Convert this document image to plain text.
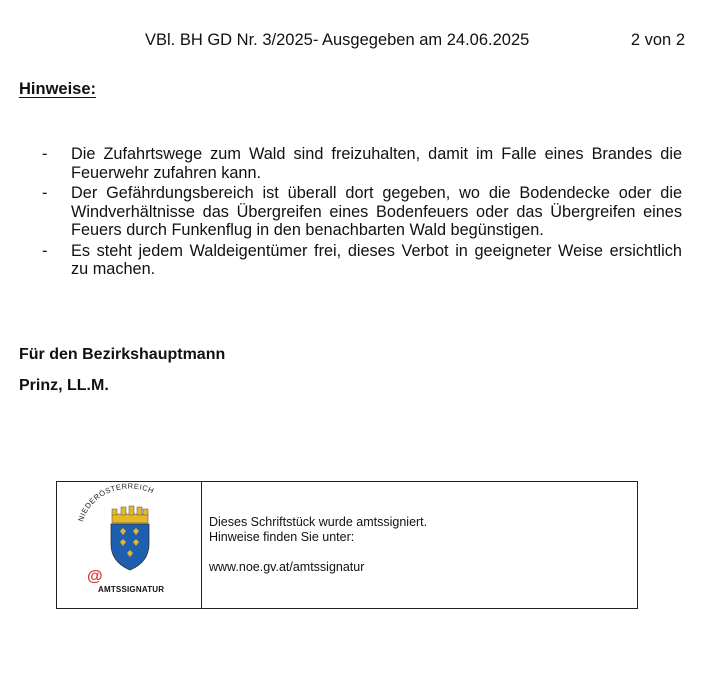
VBl. BH GD Nr. 3/2025- Ausgegeben am 24.06.2025	2 von 2
Hinweise:
- Die Zufahrtswege zum Wald sind freizuhalten, damit im Falle eines Brandes die Feuerwehr zufahren kann.
- Der Gefährdungsbereich ist überall dort gegeben, wo die Bodendecke oder die Windverhältnisse das Übergreifen eines Bodenfeuers oder das Übergreifen eines Feuers durch Funkenflug in den benachbarten Wald begünstigen.
- Es steht jedem Waldeigentümer frei, dieses Verbot in geeigneter Weise ersichtlich zu machen.
Für den Bezirkshauptmann
Prinz, LL.M.
NIEDERÖSTERREICH
@
AMTSSIGNATUR
Dieses Schriftstück wurde amtssigniert.
Hinweise finden Sie unter:
www.noe.gv.at/amtssignatur
